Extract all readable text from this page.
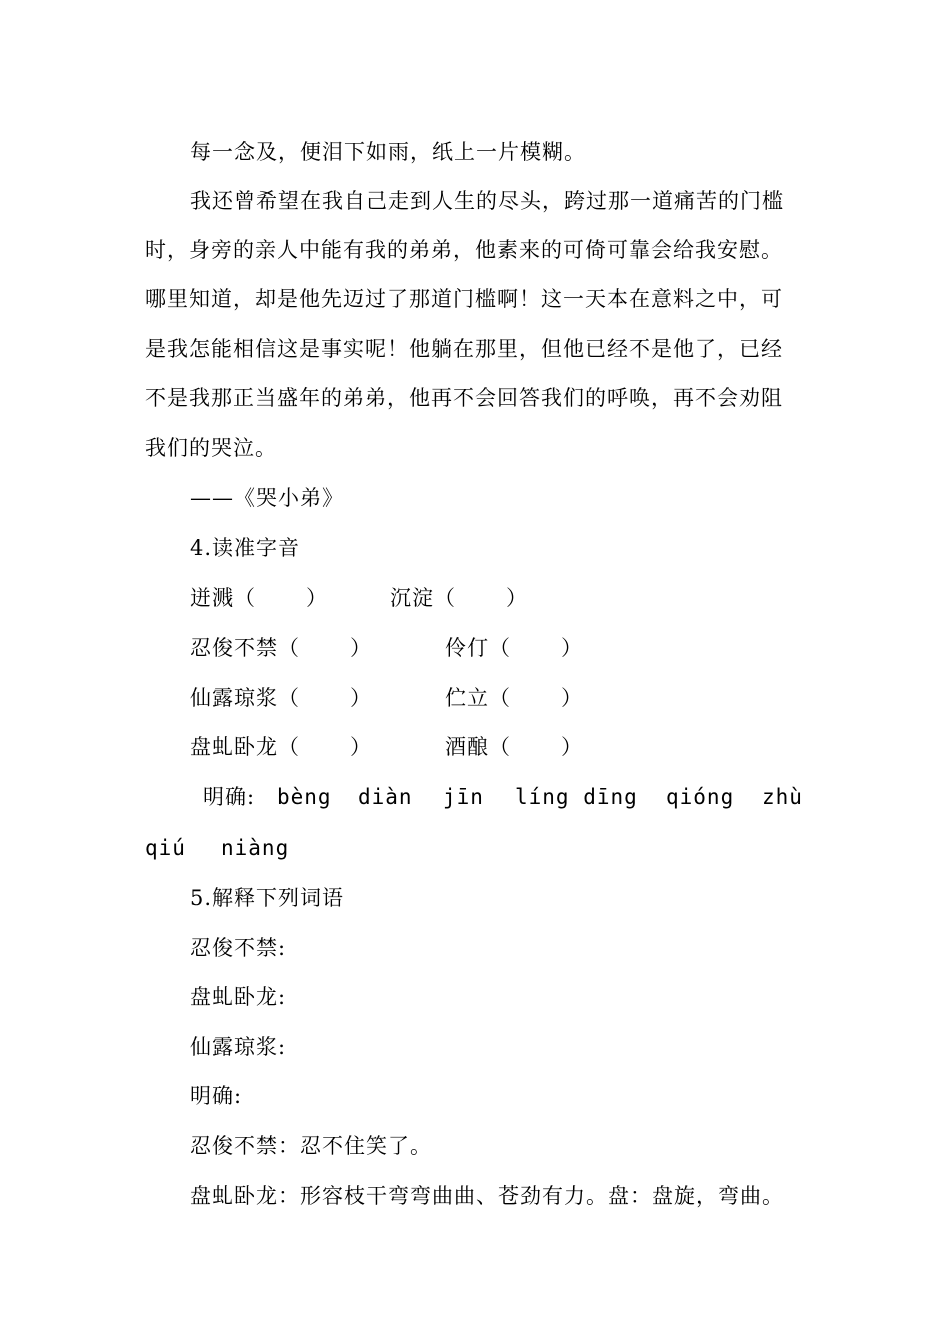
每一念及，便泪下如雨，纸上一片模糊。
我还曾希望在我自己走到人生的尽头，跨过那一道痛苦的门槛
时，身旁的亲人中能有我的弟弟，他素来的可倚可靠会给我安慰。
哪里知道，却是他先迈过了那道门槛啊！这一天本在意料之中，可
是我怎能相信这是事实呢！他躺在那里，但他已经不是他了，已经
不是我那正当盛年的弟弟，他再不会回答我们的呼唤，再不会劝阻
我们的哭泣。
——《哭小弟》
4.读准字音
迸溅（ ）	沉淀（ ）
忍俊不禁（ ）	伶仃（ ）
仙露琼浆（ ）	伫立（ ）
盘虬卧龙（ ）	酒酿（ ）
明确: bèng diàn jīn líng dīng qióng zhù
qiú niàng
5.解释下列词语
忍俊不禁:
盘虬卧龙:
仙露琼浆:
明确:
忍俊不禁：忍不住笑了。
盘虬卧龙：形容枝干弯弯曲曲、苍劲有力。盘：盘旋，弯曲。
